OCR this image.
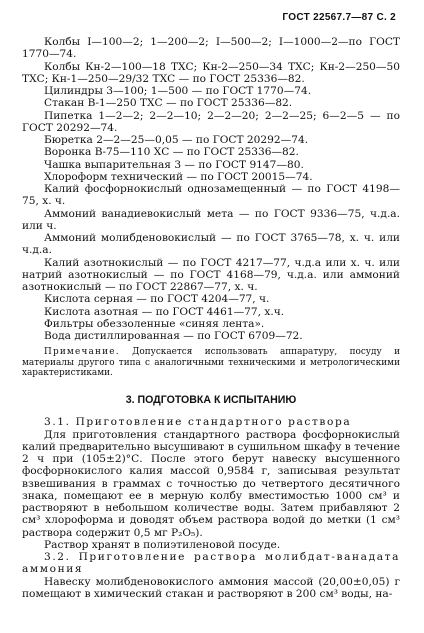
ГОСТ 22567.7—87 С. 2

Колбы I—100—2; 1—200—2; I—500—2; I—1000—2—по ГОСТ 1770—74.

Колбы Кн-2—100—18 ТХС; Кн-2—250—34 ТХС; Кн-2—250—50 ТХС; Кн-1—250—29/32 ТХС — по ГОСТ 25336—82.

Цилиндры 3—100; 1—500 — по ГОСТ 1770—74.

Стакан В-1—250 ТХС — по ГОСТ 25336—82.

Пипетка 1—2—2; 2—2—10; 2—2—20; 2—2—25; 6—2—5 — по ГОСТ 20292—74.

Бюретка 2—2—25—0,05 — по ГОСТ 20292—74.

Воронка В-75—110 ХС — по ГОСТ 25336—82.

Чашка выпарительная 3 — по ГОСТ 9147—80.

Хлороформ технический — по ГОСТ 20015—74.

Калий фосфорнокислый однозамещенный — по ГОСТ 4198—75, х. ч.

Аммоний ванадиевокислый мета — по ГОСТ 9336—75, ч.д.а. или ч.

Аммоний молибденовокислый — по ГОСТ 3765—78, х. ч. или ч.д.а.

Калий азотнокислый — по ГОСТ 4217—77, ч.д.а или х. ч. или натрий азотнокислый — по ГОСТ 4168—79, ч.д.а. или аммоний азотнокислый — по ГОСТ 22867—77, х. ч.

Кислота серная — по ГОСТ 4204—77, ч.

Кислота азотная — по ГОСТ 4461—77, х.ч.

Фильтры обеззоленные «синяя лента».

Вода дистиллированная — по ГОСТ 6709—72.

Примечание. Допускается использовать аппаратуру, посуду и материалы другого типа с аналогичными техническими и метрологическими характеристиками.

3. ПОДГОТОВКА К ИСПЫТАНИЮ

3.1. Приготовление стандартного раствора

Для приготовления стандартного раствора фосфорнокислый калий предварительно высушивают в сушильном шкафу в течение 2 ч при (105±2)°С. После этого берут навеску высушенного фосфорнокислого калия массой 0,9584 г, записывая результат взвешивания в граммах с точностью до четвертого десятичного знака, помещают ее в мерную колбу вместимостью 1000 см³ и растворяют в небольшом количестве воды. Затем прибавляют 2 см³ хлороформа и доводят объем раствора водой до метки (1 см³ раствора содержит 0,5 мг P₂O₅).

Раствор хранят в полиэтиленовой посуде.

3.2. Приготовление раствора молибдат-ванадата аммония

Навеску молибденовокислого аммония массой (20,00±0,05) г помещают в химический стакан и растворяют в 200 см³ воды, на-
